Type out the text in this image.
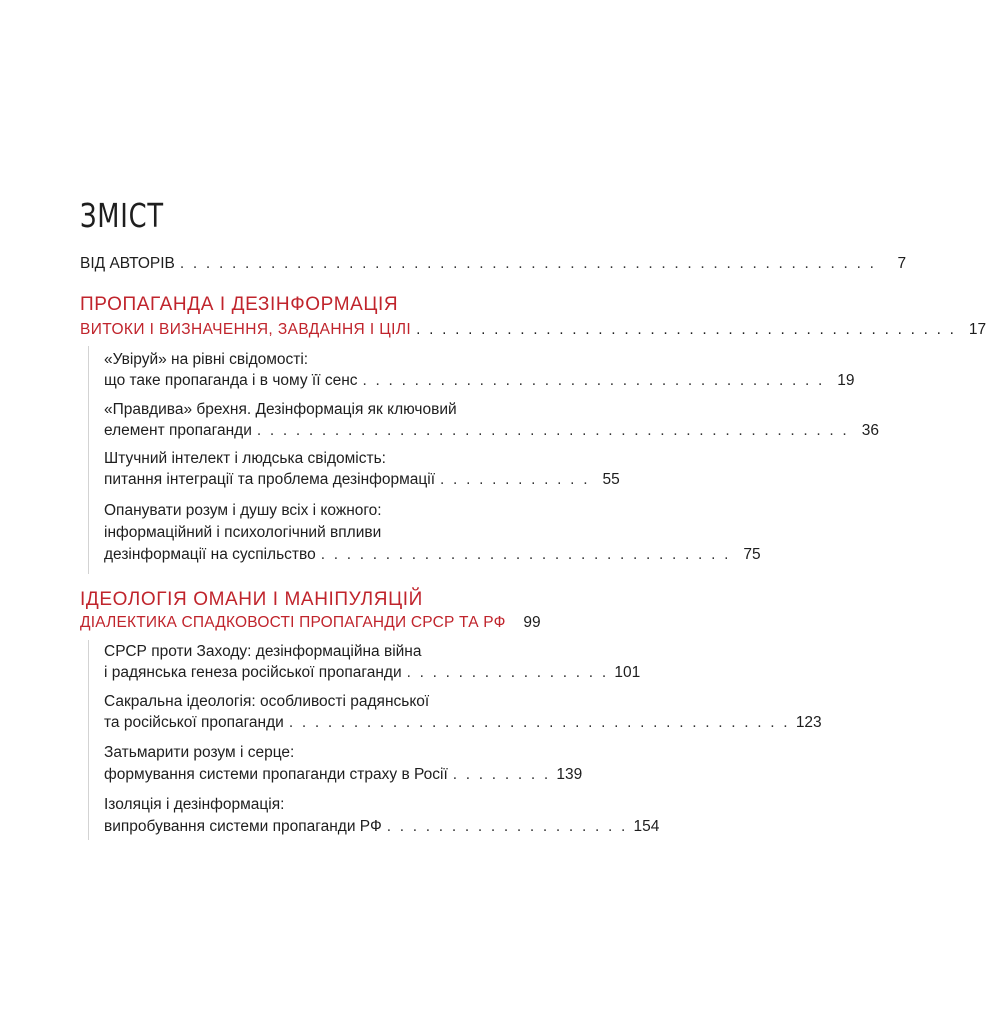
ЗМІСТ
ВІД АВТОРІВ . . . . . . . . . . . . . . . . . . . . . . . . . . . . . . . . . . . . . . . . . . . . . . . . . . . . . .	7
ПРОПАГАНДА І ДЕЗІНФОРМАЦІЯ
ВИТОКИ І ВИЗНАЧЕННЯ, ЗАВДАННЯ І ЦІЛІ . . . . . . . . . . . . . . . . . . . . . . . . . . . . . . . . . . . . . . . . . . 17
«Увіруй» на рівні свідомості:
що таке пропаганда і в чому її сенс . . . . . . . . . . . . . . . . . . . . . . . . . . . . . . . . . . . . 19
«Правдива» брехня. Дезінформація як ключовий
елемент пропаганди . . . . . . . . . . . . . . . . . . . . . . . . . . . . . . . . . . . . . . . . . . . . . . 36
Штучний інтелект і людська свідомість:
питання інтеграції та проблема дезінформації . . . . . . . . . . . . 55
Опанувати розум і душу всіх і кожного:
інформаційний і психологічний впливи
дезінформації на суспільство . . . . . . . . . . . . . . . . . . . . . . . . . . . . . . . . 75
ІДЕОЛОГІЯ ОМАНИ І МАНІПУЛЯЦІЙ
ДІАЛЕКТИКА СПАДКОВОСТІ ПРОПАГАНДИ СРСР ТА РФ	99
СРСР проти Заходу: дезінформаційна війна
і радянська генеза російської пропаганди . . . . . . . . . . . . . . . . 101
Сакральна ідеологія: особливості радянської
та російської пропаганди . . . . . . . . . . . . . . . . . . . . . . . . . . . . . . . . . . . . . . . 123
Затьмарити розум і серце:
формування системи пропаганди страху в Росії . . . . . . . . 139
Ізоляція і дезінформація:
випробування системи пропаганди РФ . . . . . . . . . . . . . . . . . . . 154
